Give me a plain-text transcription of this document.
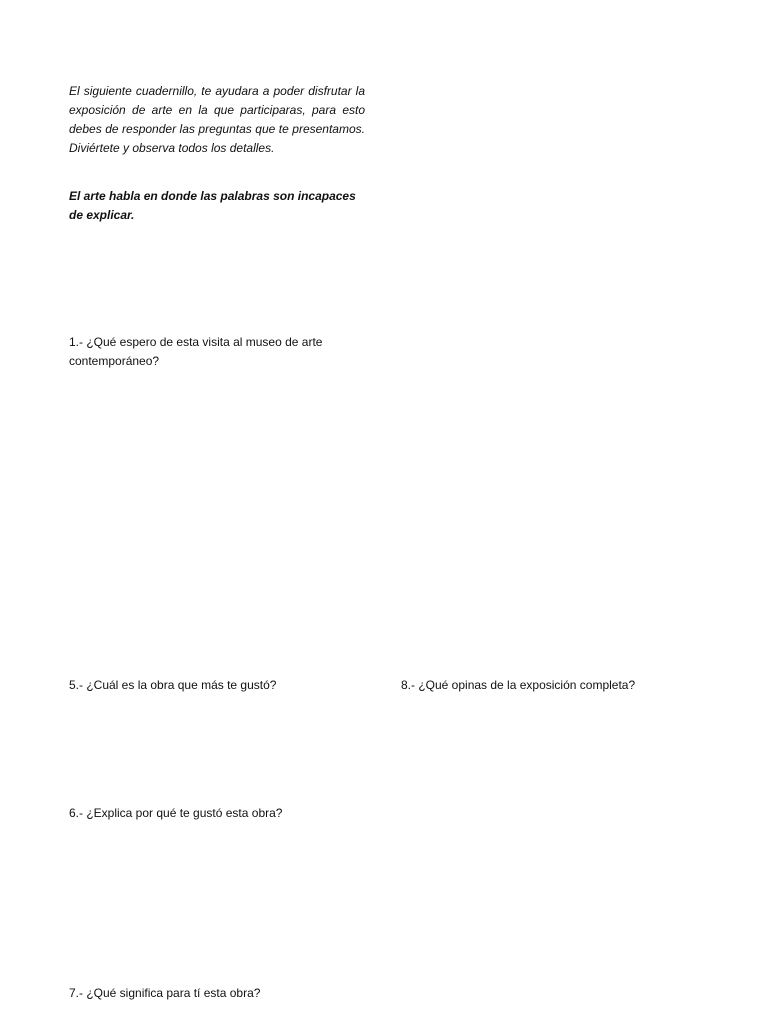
El siguiente cuadernillo, te ayudara a poder disfrutar la exposición de arte en la que participaras, para esto debes de responder las preguntas que te presentamos. Diviértete y observa todos los detalles.

El arte habla en donde las palabras son incapaces de explicar.

1.- ¿Qué espero de esta visita al museo de arte contemporáneo?

5.- ¿Cuál es la obra que más te gustó?	8.- ¿Qué opinas de la exposición completa?

6.- ¿Explica por qué te gustó esta obra?

7.- ¿Qué significa para tí esta obra?
